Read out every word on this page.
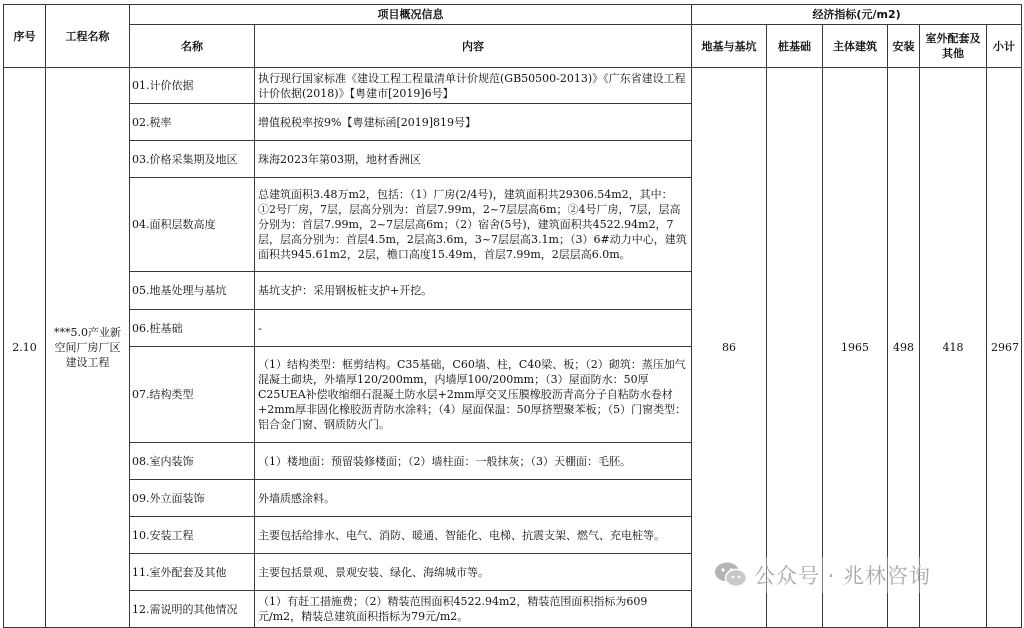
序号	工程名称	项目概况信息		经济指标(元/m2)					
		名称	内容	地基与基坑	桩基础	主体建筑	安装	室外配套及其他	小计
2.10	***5.0产业新空间厂房厂区建设工程	01.计价依据	执行现行国家标准《建设工程工程量清单计价规范(GB50500-2013)》《广东省建设工程计价依据(2018)》【粤建市[2019]6号】	86		1965	498	418	2967
		02.税率	增值税税率按9%【粤建标函[2019]819号】						
		03.价格采集期及地区	珠海2023年第03期，地材香洲区						
		04.面积层数高度	总建筑面积3.48万m2，包括：（1）厂房(2/4号)，建筑面积共29306.54m2，其中：①2号厂房，7层，层高分别为：首层7.99m，2~7层层高6m；②4号厂房，7层，层高分别为：首层7.99m，2~7层层高6m；（2）宿舍(5号)，建筑面积共4522.94m2，7层，层高分别为：首层4.5m，2层高3.6m，3~7层层高3.1m；（3）6#动力中心，建筑面积共945.61m2，2层，檐口高度15.49m，首层7.99m，2层层高6.0m。						
		05.地基处理与基坑	基坑支护：采用钢板桩支护+开挖。						
		06.桩基础	-						
		07.结构类型	（1）结构类型：框剪结构。C35基础，C60墙、柱，C40梁、板；（2）砌筑：蒸压加气混凝土砌块，外墙厚120/200mm，内墙厚100/200mm；（3）屋面防水：50厚C25UEA补偿收缩细石混凝土防水层+2mm厚交叉压膜橡胶沥青高分子自粘防水卷材+2mm厚非固化橡胶沥青防水涂料；（4）屋面保温：50厚挤塑聚苯板；（5）门窗类型：铝合金门窗、钢质防火门。						
		08.室内装饰	（1）楼地面：预留装修楼面；（2）墙柱面：一般抹灰；（3）天棚面：毛胚。						
		09.外立面装饰	外墙质感涂料。						
		10.安装工程	主要包括给排水、电气、消防、暖通、智能化、电梯、抗震支架、燃气、充电桩等。						
		11.室外配套及其他	主要包括景观、景观安装、绿化、海绵城市等。						
		12.需说明的其他情况	（1）有赶工措施费；（2）精装范围面积4522.94m2，精装范围面积指标为609元/m2，精装总建筑面积指标为79元/m2。						
公众号 · 兆林咨询
